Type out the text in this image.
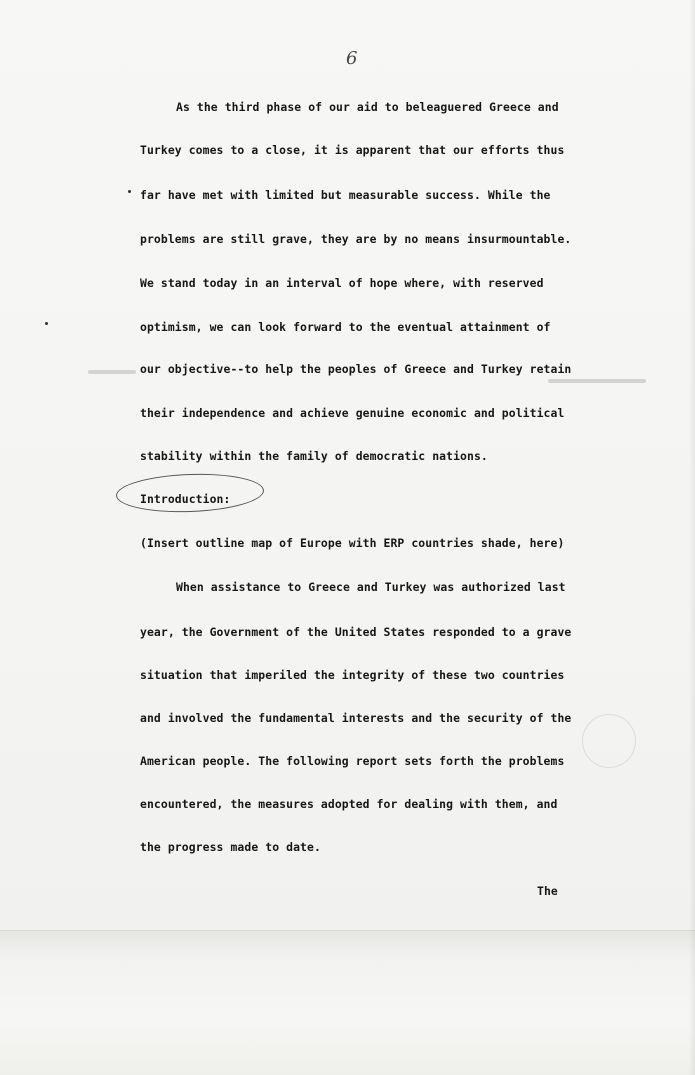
6
As the third phase of our aid to beleaguered Greece and
Turkey comes to a close, it is apparent that our efforts thus
far have met with limited but measurable success. While the
problems are still grave, they are by no means insurmountable.
We stand today in an interval of hope where, with reserved
optimism, we can look forward to the eventual attainment of
our objective--to help the peoples of Greece and Turkey retain
their independence and achieve genuine economic and political
stability within the family of democratic nations.
Introduction:
(Insert outline map of Europe with ERP countries shade, here)
When assistance to Greece and Turkey was authorized last
year, the Government of the United States responded to a grave
situation that imperiled the integrity of these two countries
and involved the fundamental interests and the security of the
American people. The following report sets forth the problems
encountered, the measures adopted for dealing with them, and
the progress made to date.
The
